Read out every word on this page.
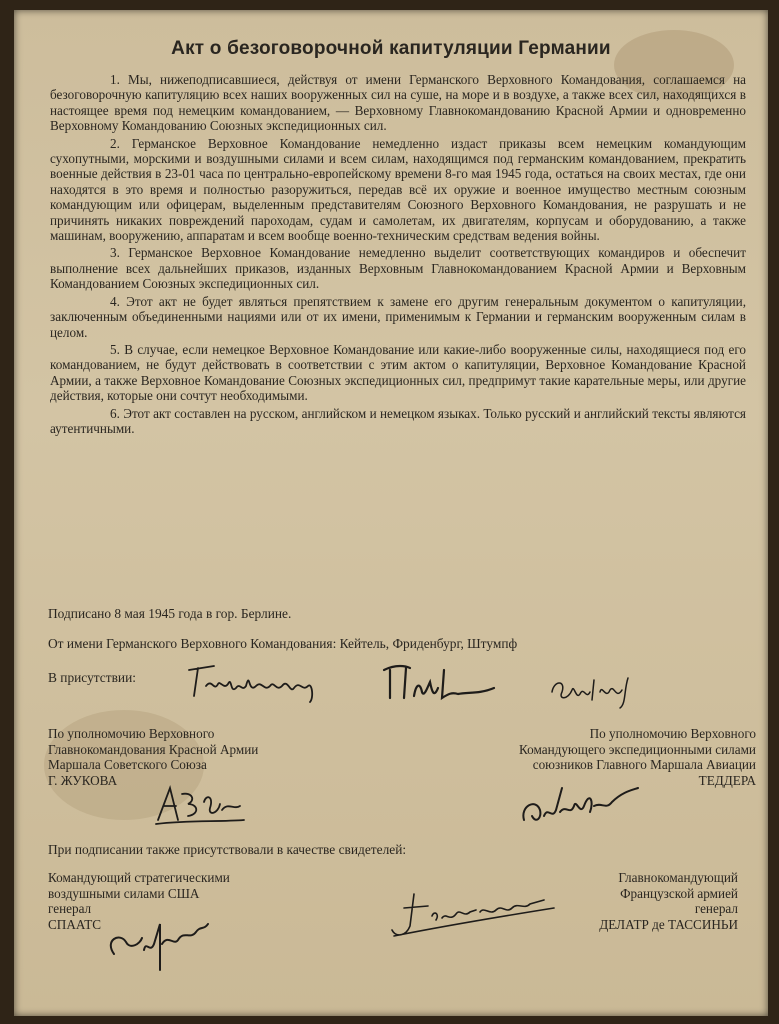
Акт о безоговорочной капитуляции Германии

1. Мы, нижеподписавшиеся, действуя от имени Германского Верховного Командования, соглашаемся на безоговорочную капитуляцию всех наших вооруженных сил на суше, на море и в воздухе, а также всех сил, находящихся в настоящее время под немецким командованием, — Верховному Главнокомандованию Красной Армии и одновременно Верховному Командованию Союзных экспедиционных сил.

2. Германское Верховное Командование немедленно издаст приказы всем немецким командующим сухопутными, морскими и воздушными силами и всем силам, находящимся под германским командованием, прекратить военные действия в 23-01 часа по центрально-европейскому времени 8-го мая 1945 года, остаться на своих местах, где они находятся в это время и полностью разоружиться, передав всё их оружие и военное имущество местным союзным командующим или офицерам, выделенным представителям Союзного Верховного Командования, не разрушать и не причинять никаких повреждений пароходам, судам и самолетам, их двигателям, корпусам и оборудованию, а также машинам, вооружению, аппаратам и всем вообще военно-техническим средствам ведения войны.

3. Германское Верховное Командование немедленно выделит соответствующих командиров и обеспечит выполнение всех дальнейших приказов, изданных Верховным Главнокомандованием Красной Армии и Верховным Командованием Союзных экспедиционных сил.

4. Этот акт не будет являться препятствием к замене его другим генеральным документом о капитуляции, заключенным объединенными нациями или от их имени, применимым к Германии и германским вооруженным силам в целом.

5. В случае, если немецкое Верховное Командование или какие-либо вооруженные силы, находящиеся под его командованием, не будут действовать в соответствии с этим актом о капитуляции, Верховное Командование Красной Армии, а также Верховное Командование Союзных экспедиционных сил, предпримут такие карательные меры, или другие действия, которые они сочтут необходимыми.

6. Этот акт составлен на русском, английском и немецком языках. Только русский и английский тексты являются аутентичными.

Подписано 8 мая 1945 года в гор. Берлине.
От имени Германского Верховного Командования: Кейтель, Фриденбург, Штумпф
В присутствии:
По уполномочию Верховного
Главнокомандования Красной Армии
Маршала Советского Союза
Г. ЖУКОВА
По уполномочию Верховного
Командующего экспедиционными силами
союзников Главного Маршала Авиации
ТЕДДЕРА
При подписании также присутствовали в качестве свидетелей:
Командующий стратегическими
воздушными силами США
генерал
СПААТС
Главнокомандующий
Французской армией
генерал
ДЕЛАТР де ТАССИНЬИ
